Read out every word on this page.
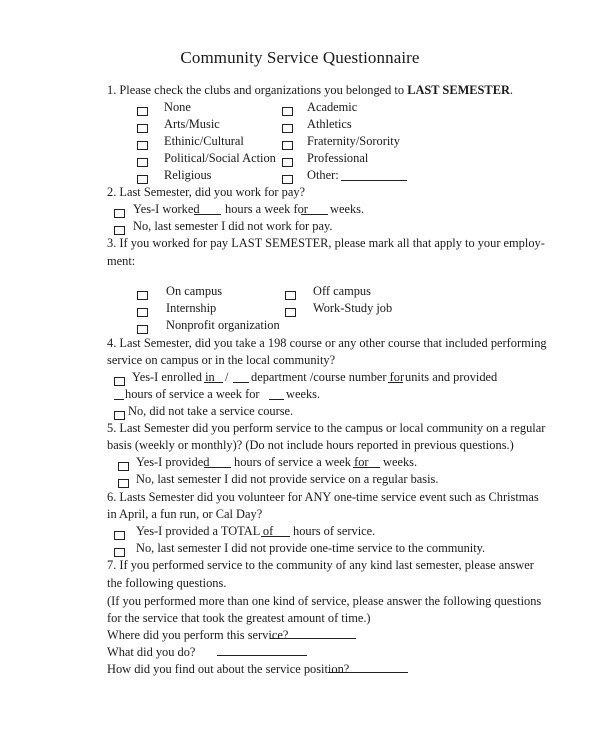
Community Service Questionnaire
1. Please check the clubs and organizations you belonged to LAST SEMESTER.
None
Arts/Music
Ethinic/Cultural
Political/Social Action
Religious
Academic
Athletics
Fraternity/Sorority
Professional
Other:
2. Last Semester, did you work for pay?
Yes-I worked hours a week for weeks.
No, last semester I did not work for pay.
3. If you worked for pay LAST SEMESTER, please mark all that apply to your employ-
ment:
On campus
Internship
Nonprofit organization
Off campus
Work-Study job
4. Last Semester, did you take a 198 course or any other course that included performing
service on campus or in the local community?
Yes-I enrolled in / department /course number for units and provided
hours of service a week for weeks.
No, did not take a service course.
5. Last Semester did you perform service to the campus or local community on a regular
basis (weekly or monthly)? (Do not include hours reported in previous questions.)
Yes-I provided hours of service a week for weeks.
No, last semester I did not provide service on a regular basis.
6. Lasts Semester did you volunteer for ANY one-time service event such as Christmas
in April, a fun run, or Cal Day?
Yes-I provided a TOTAL of hours of service.
No, last semester I did not provide one-time service to the community.
7. If you performed service to the community of any kind last semester, please answer
the following questions.
(If you performed more than one kind of service, please answer the following questions
for the service that took the greatest amount of time.)
Where did you perform this service?
What did you do?
How did you find out about the service position?
